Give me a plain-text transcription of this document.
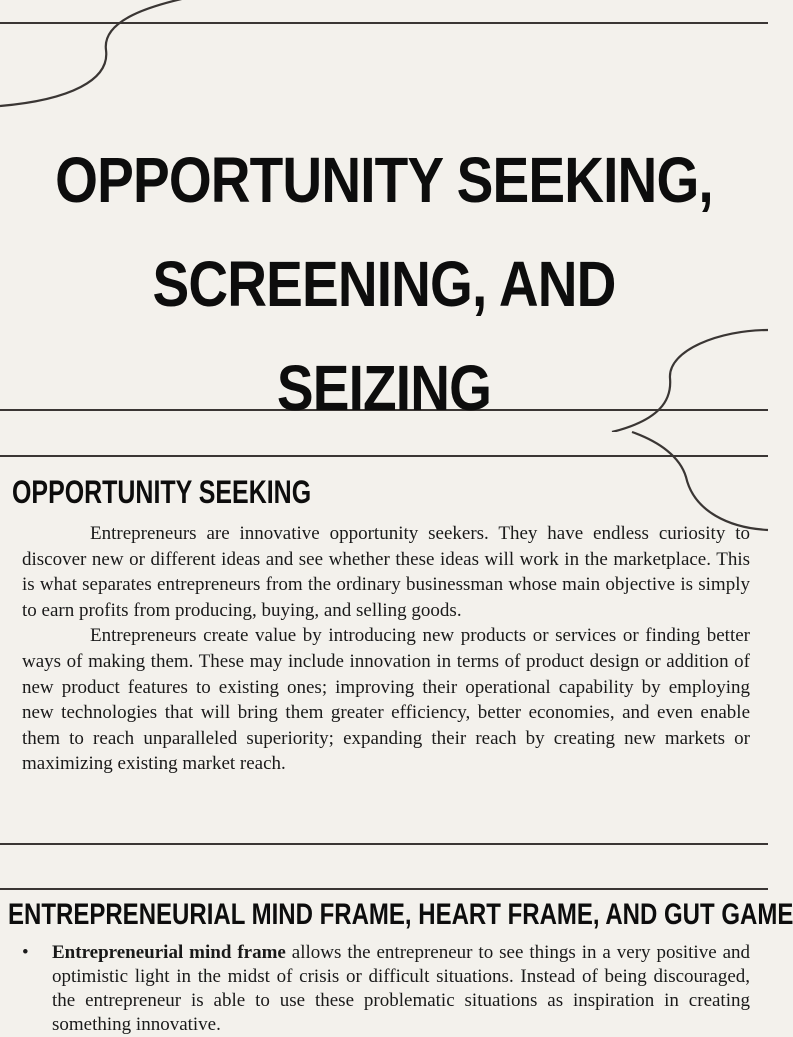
OPPORTUNITY SEEKING,
SCREENING, AND SEIZING
OPPORTUNITY SEEKING

Entrepreneurs are innovative opportunity seekers. They have endless curiosity to discover new or different ideas and see whether these ideas will work in the marketplace. This is what separates entrepreneurs from the ordinary businessman whose main objective is simply to earn profits from producing, buying, and selling goods.

Entrepreneurs create value by introducing new products or services or finding better ways of making them. These may include innovation in terms of product design or addition of new product features to existing ones; improving their operational capability by employing new technologies that will bring them greater efficiency, better economies, and even enable them to reach unparalleled superiority; expanding their reach by creating new markets or maximizing existing market reach.

ENTREPRENEURIAL MIND FRAME, HEART FRAME, AND GUT GAME
• Entrepreneurial mind frame allows the entrepreneur to see things in a very positive and optimistic light in the midst of crisis or difficult situations. Instead of being discouraged, the entrepreneur is able to use these problematic situations as inspiration in creating something innovative.
